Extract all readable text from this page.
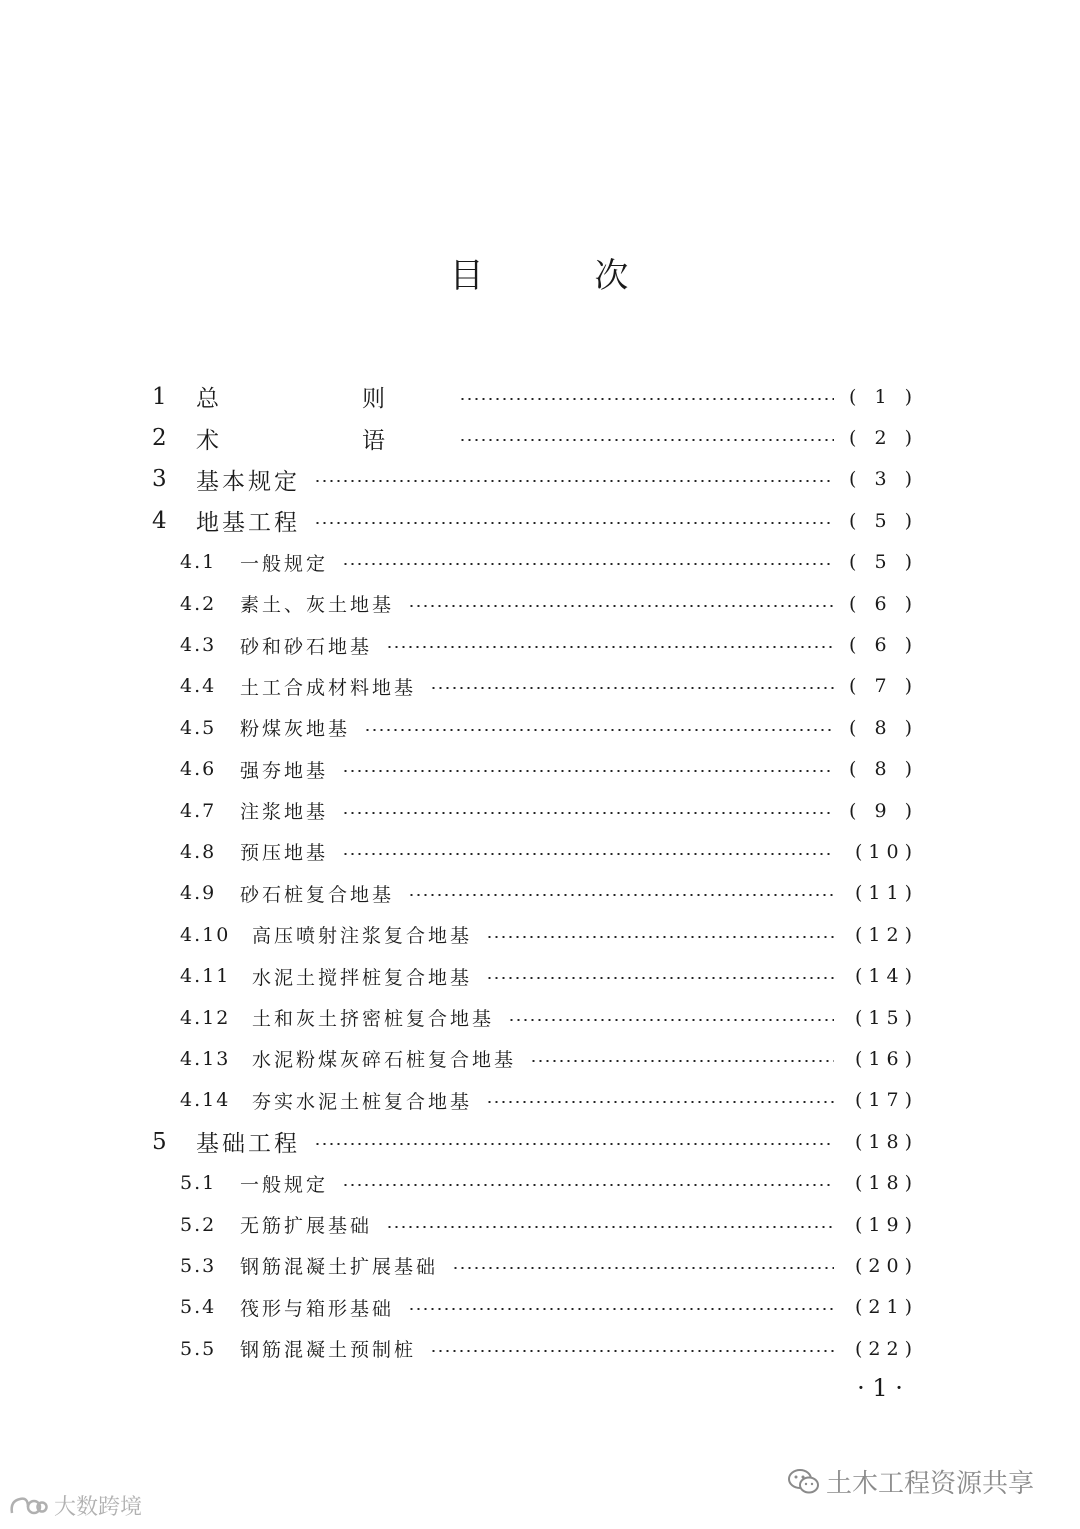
目	次
1	总　则	( 1 )
2	术　语	( 2 )
3	基本规定	( 3 )
4	地基工程	( 5 )
4.1	一般规定	( 5 )
4.2	素土、灰土地基	( 6 )
4.3	砂和砂石地基	( 6 )
4.4	土工合成材料地基	( 7 )
4.5	粉煤灰地基	( 8 )
4.6	强夯地基	( 8 )
4.7	注浆地基	( 9 )
4.8	预压地基	(10)
4.9	砂石桩复合地基	(11)
4.10	高压喷射注浆复合地基	(12)
4.11	水泥土搅拌桩复合地基	(14)
4.12	土和灰土挤密桩复合地基	(15)
4.13	水泥粉煤灰碎石桩复合地基	(16)
4.14	夯实水泥土桩复合地基	(17)
5	基础工程	(18)
5.1	一般规定	(18)
5.2	无筋扩展基础	(19)
5.3	钢筋混凝土扩展基础	(20)
5.4	筏形与箱形基础	(21)
5.5	钢筋混凝土预制桩	(22)
· 1 ·
土木工程资源共享
大数跨境
